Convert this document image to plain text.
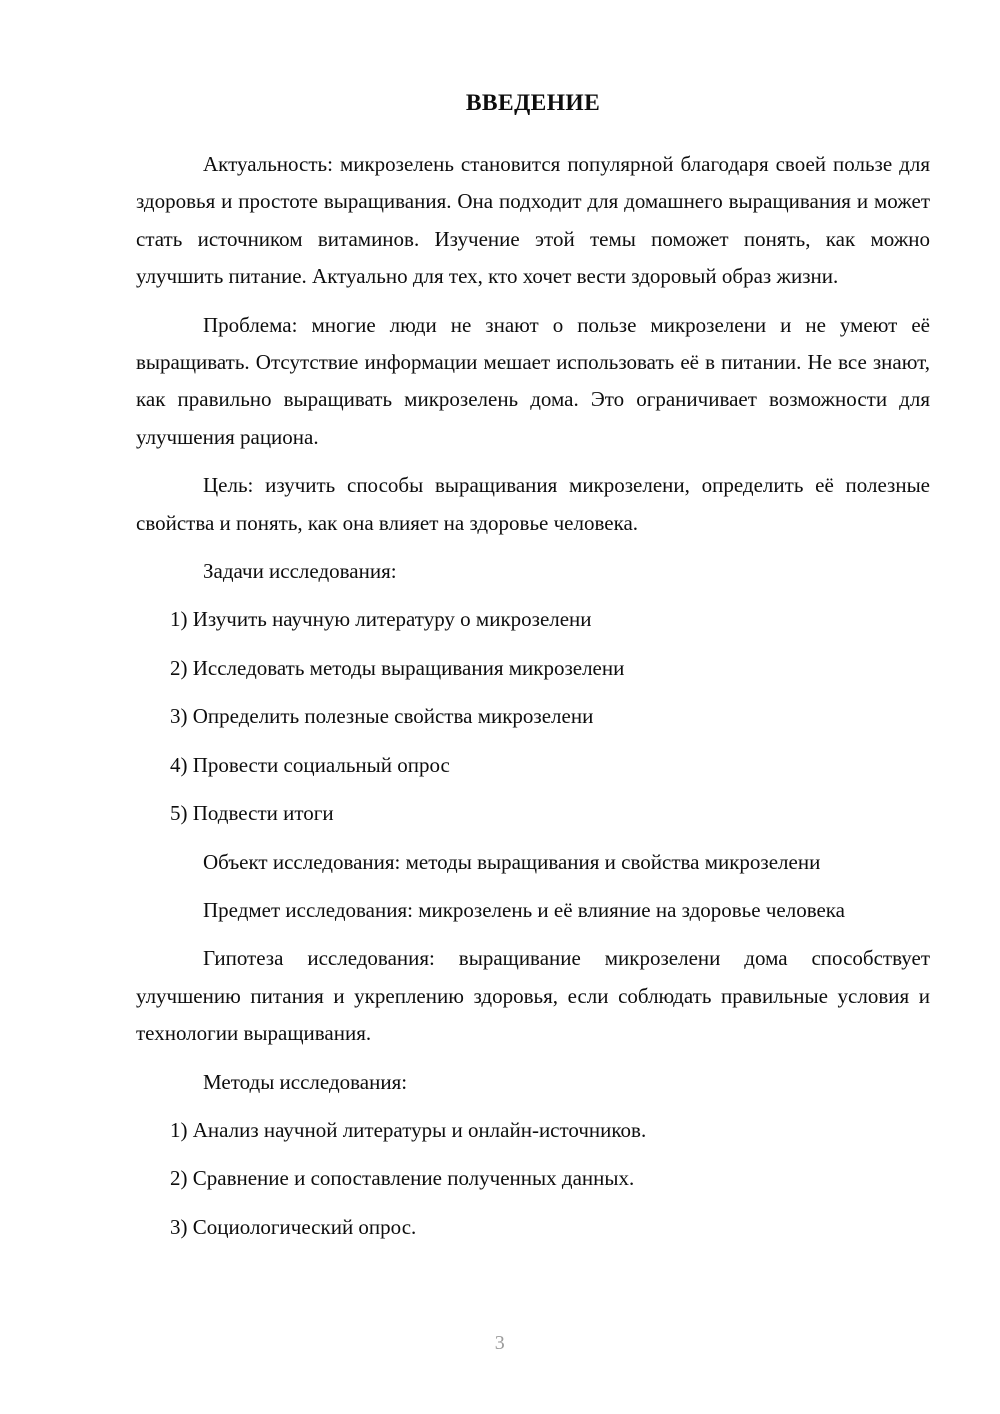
ВВЕДЕНИЕ

Актуальность: микрозелень становится популярной благодаря своей пользе для здоровья и простоте выращивания. Она подходит для домашнего выращивания и может стать источником витаминов. Изучение этой темы поможет понять, как можно улучшить питание. Актуально для тех, кто хочет вести здоровый образ жизни.

Проблема: многие люди не знают о пользе микрозелени и не умеют её выращивать. Отсутствие информации мешает использовать её в питании. Не все знают, как правильно выращивать микрозелень дома. Это ограничивает возможности для улучшения рациона.

Цель: изучить способы выращивания микрозелени, определить её полезные свойства и понять, как она влияет на здоровье человека.

Задачи исследования:

1) Изучить научную литературу о микрозелени
2) Исследовать методы выращивания микрозелени
3) Определить полезные свойства микрозелени
4) Провести социальный опрос
5) Подвести итоги

Объект исследования: методы выращивания и свойства микрозелени

Предмет исследования: микрозелень и её влияние на здоровье человека

Гипотеза исследования: выращивание микрозелени дома способствует улучшению питания и укреплению здоровья, если соблюдать правильные условия и технологии выращивания.

Методы исследования:

1) Анализ научной литературы и онлайн-источников.
2) Сравнение и сопоставление полученных данных.
3) Социологический опрос.
3
